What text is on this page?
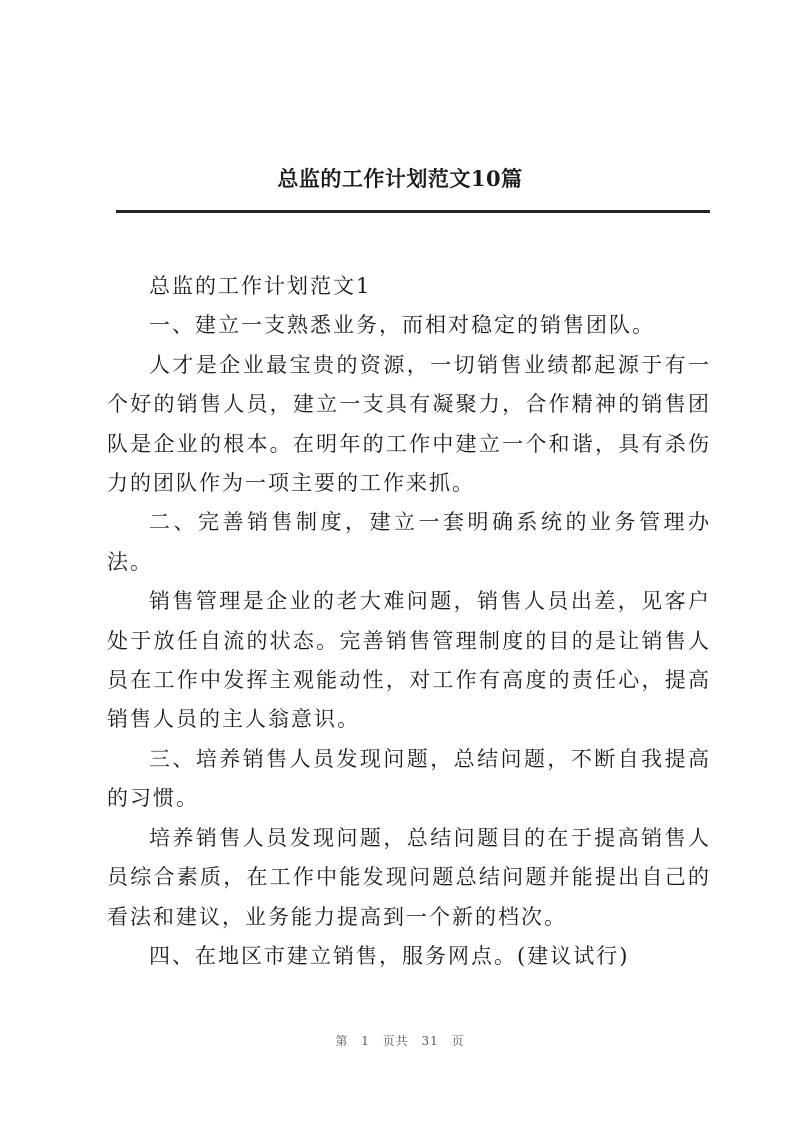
总监的工作计划范文10篇

总监的工作计划范文1

一、建立一支熟悉业务，而相对稳定的销售团队。

人才是企业最宝贵的资源，一切销售业绩都起源于有一个好的销售人员，建立一支具有凝聚力，合作精神的销售团队是企业的根本。在明年的工作中建立一个和谐，具有杀伤力的团队作为一项主要的工作来抓。

二、完善销售制度，建立一套明确系统的业务管理办法。

销售管理是企业的老大难问题，销售人员出差，见客户处于放任自流的状态。完善销售管理制度的目的是让销售人员在工作中发挥主观能动性，对工作有高度的责任心，提高销售人员的主人翁意识。

三、培养销售人员发现问题，总结问题，不断自我提高的习惯。

培养销售人员发现问题，总结问题目的在于提高销售人员综合素质，在工作中能发现问题总结问题并能提出自己的看法和建议，业务能力提高到一个新的档次。

四、在地区市建立销售，服务网点。(建议试行)

第 1 页共 31 页
